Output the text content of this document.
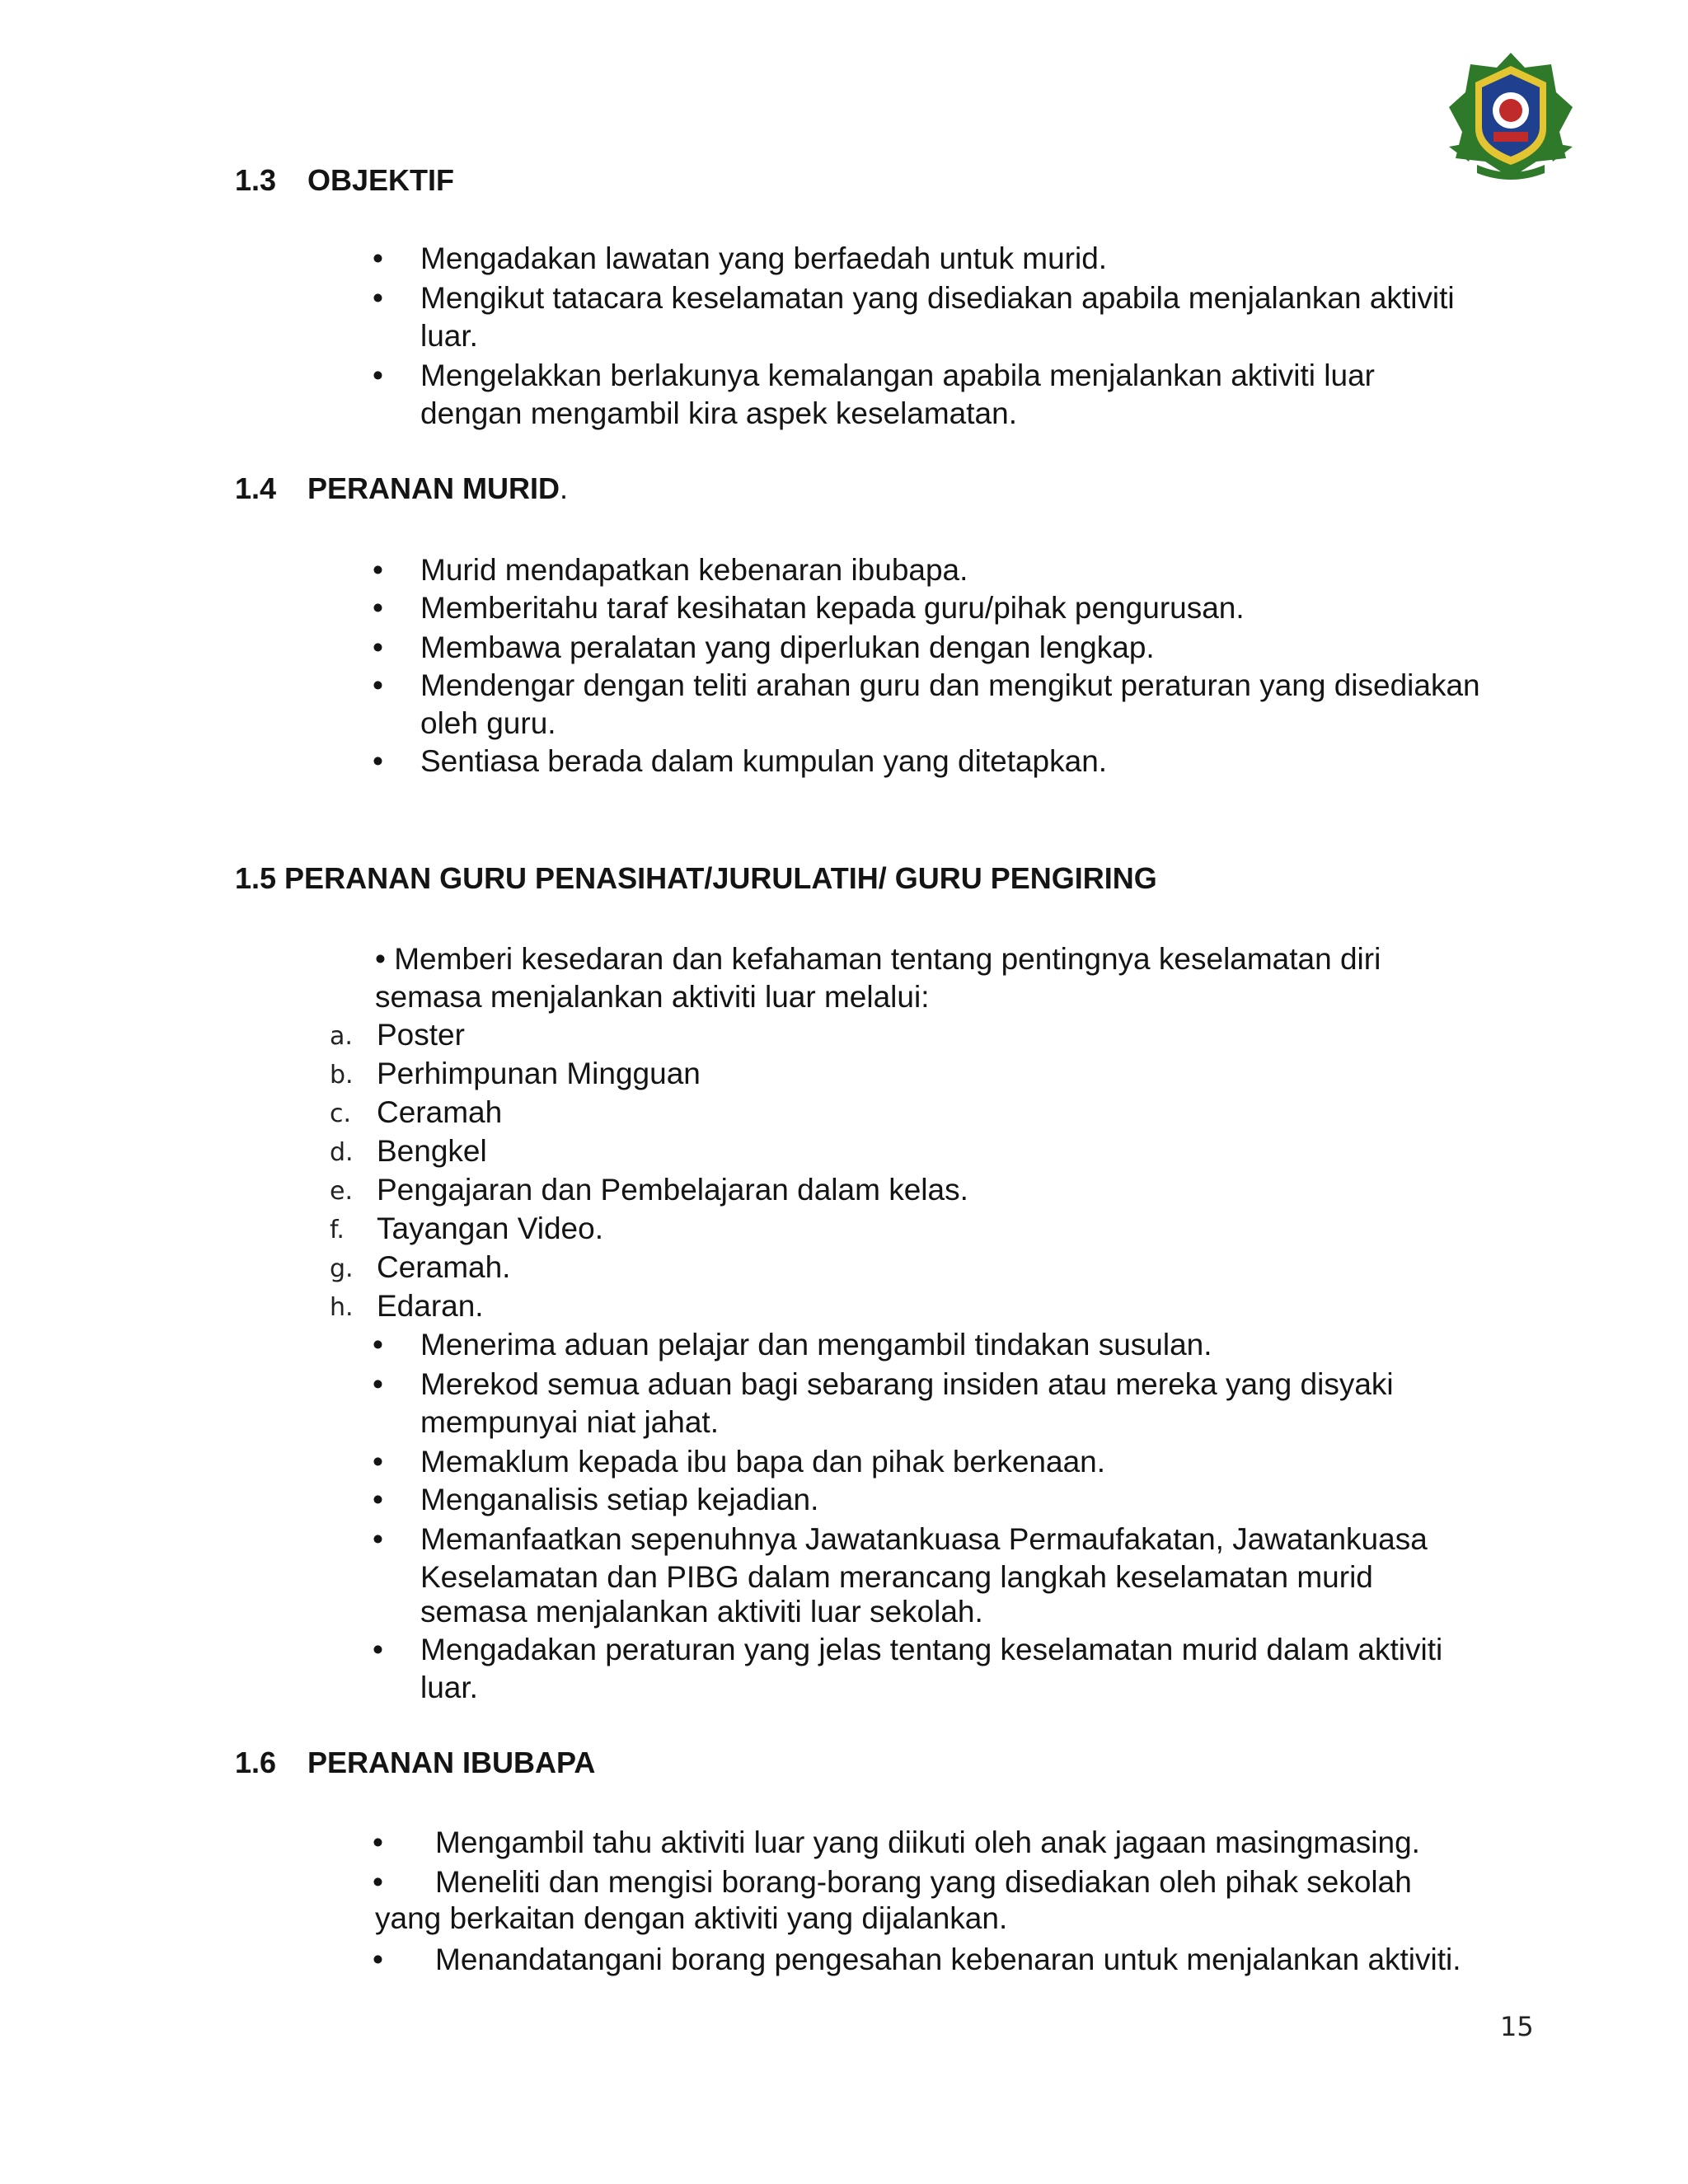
1.3 OBJEKTIF
• Mengadakan lawatan yang berfaedah untuk murid.
• Mengikut tatacara keselamatan yang disediakan apabila menjalankan aktiviti
luar.
• Mengelakkan berlakunya kemalangan apabila menjalankan aktiviti luar
dengan mengambil kira aspek keselamatan.
1.4 PERANAN MURID.
• Murid mendapatkan kebenaran ibubapa.
• Memberitahu taraf kesihatan kepada guru/pihak pengurusan.
• Membawa peralatan yang diperlukan dengan lengkap.
• Mendengar dengan teliti arahan guru dan mengikut peraturan yang disediakan
oleh guru.
• Sentiasa berada dalam kumpulan yang ditetapkan.
1.5 PERANAN GURU PENASIHAT/JURULATIH/ GURU PENGIRING
• Memberi kesedaran dan kefahaman tentang pentingnya keselamatan diri
semasa menjalankan aktiviti luar melalui:
a. Poster
b. Perhimpunan Mingguan
c. Ceramah
d. Bengkel
e. Pengajaran dan Pembelajaran dalam kelas.
f.	Tayangan Video.
g. Ceramah.
h. Edaran.
• Menerima aduan pelajar dan mengambil tindakan susulan.
• Merekod semua aduan bagi sebarang insiden atau mereka yang disyaki
mempunyai niat jahat.
• Memaklum kepada ibu bapa dan pihak berkenaan.
• Menganalisis setiap kejadian.
• Memanfaatkan sepenuhnya Jawatankuasa Permaufakatan, Jawatankuasa
Keselamatan dan PIBG dalam merancang langkah keselamatan murid
semasa menjalankan aktiviti luar sekolah.
• Mengadakan peraturan yang jelas tentang keselamatan murid dalam aktiviti
luar.
1.6 PERANAN IBUBAPA
• Mengambil tahu aktiviti luar yang diikuti oleh anak jagaan masingmasing.
• Meneliti dan mengisi borang-borang yang disediakan oleh pihak sekolah
yang berkaitan dengan aktiviti yang dijalankan.
• Menandatangani borang pengesahan kebenaran untuk menjalankan aktiviti.
15
